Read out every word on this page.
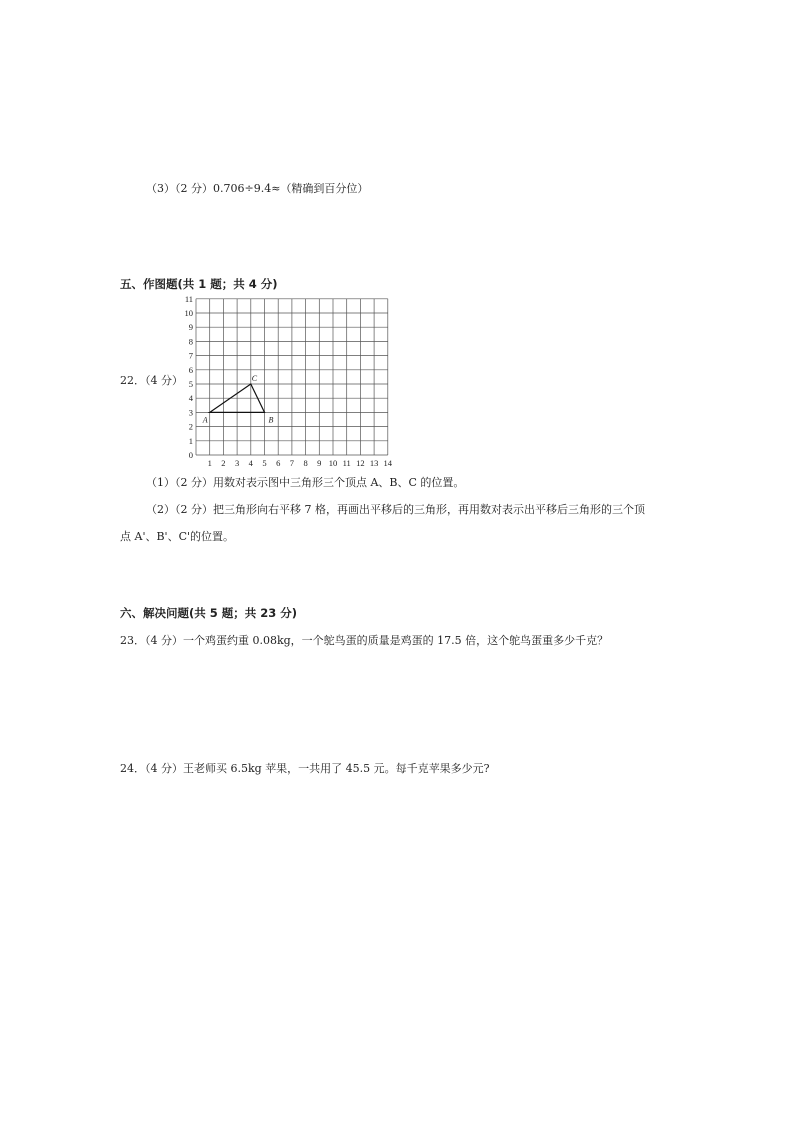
（3）（2 分）0.706÷9.4≈（精确到百分位）
五、作图题(共 1 题；共 4 分)
22．（4 分）
1 2 3 4 5 6 7 8 9 10 11 12 13 14
0
1
2
3
4
5
6
7
8
9
10
11
A	B
C
（1）（2 分）用数对表示图中三角形三个顶点 A、B、C 的位置。
（2）（2 分）把三角形向右平移 7 格，再画出平移后的三角形，再用数对表示出平移后三角形的三个顶
点 A'、B'、C'的位置。
六、解决问题(共 5 题；共 23 分)
23．（4 分）一个鸡蛋约重 0.08kg，一个鸵鸟蛋的质量是鸡蛋的 17.5 倍，这个鸵鸟蛋重多少千克？
24．（4 分）王老师买 6.5kg 苹果，一共用了 45.5 元。每千克苹果多少元?
